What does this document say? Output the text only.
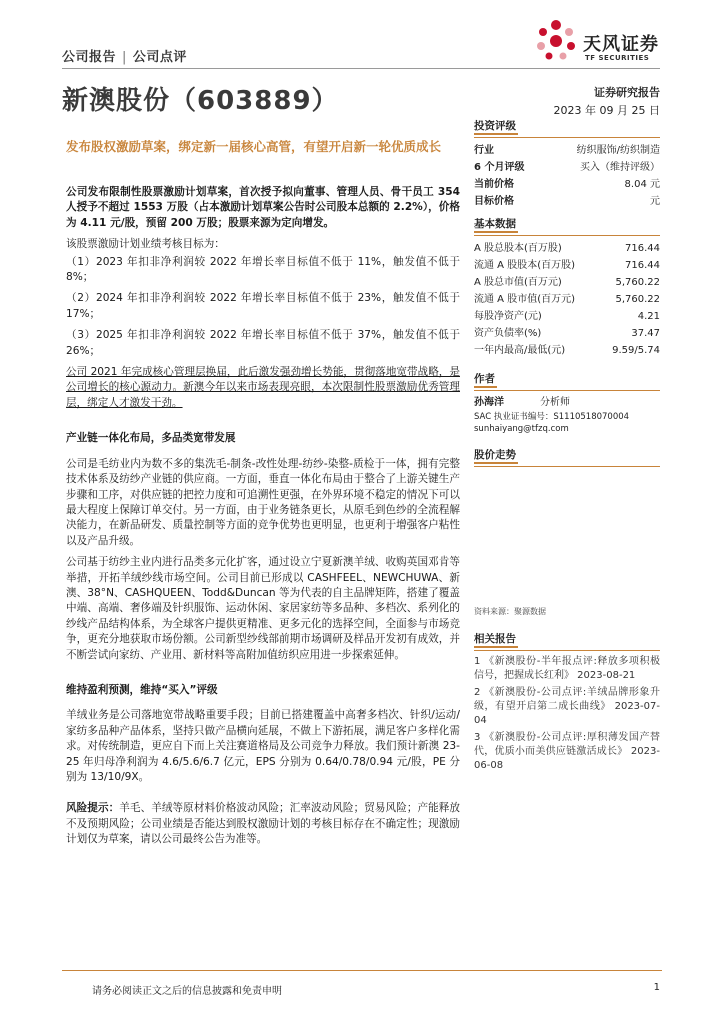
公司报告 | 公司点评
天风证券
TF SECURITIES
新澳股份（603889）	证券研究报告
2023 年 09 月 25 日
发布股权激励草案，绑定新一届核心高管，有望开启新一轮优质成长

公司发布限制性股票激励计划草案，首次授予拟向董事、管理人员、骨干员工 354 人授予不超过 1553 万股（占本激励计划草案公告时公司股本总额的 2.2%），价格为 4.11 元/股，预留 200 万股；股票来源为定向增发。

该股票激励计划业绩考核目标为：

（1）2023 年扣非净利润较 2022 年增长率目标值不低于 11%，触发值不低于 8%；

（2）2024 年扣非净利润较 2022 年增长率目标值不低于 23%，触发值不低于 17%；

（3）2025 年扣非净利润较 2022 年增长率目标值不低于 37%，触发值不低于 26%；

公司 2021 年完成核心管理层换届，此后激发强劲增长势能，贯彻落地宽带战略，是公司增长的核心源动力。新澳今年以来市场表现亮眼，本次限制性股票激励优秀管理层，绑定人才激发干劲。

产业链一体化布局，多品类宽带发展

公司是毛纺业内为数不多的集洗毛-制条-改性处理-纺纱-染整-质检于一体，拥有完整技术体系及纺纱产业链的供应商。一方面，垂直一体化布局由于整合了上游关键生产步骤和工序，对供应链的把控力度和可追溯性更强，在外界环境不稳定的情况下可以最大程度上保障订单交付。另一方面，由于业务链条更长，从原毛到色纱的全流程解决能力，在新品研发、质量控制等方面的竞争优势也更明显，也更利于增强客户粘性以及产品升级。

公司基于纺纱主业内进行品类多元化扩客，通过设立宁夏新澳羊绒、收购英国邓肯等举措，开拓羊绒纱线市场空间。公司目前已形成以 CASHFEEL、NEWCHUWA、新澳、38°N、CASHQUEEN、Todd&Duncan 等为代表的自主品牌矩阵，搭建了覆盖中端、高端、奢侈端及针织服饰、运动休闲、家居家纺等多品种、多档次、系列化的纱线产品结构体系，为全球客户提供更精准、更多元化的选择空间，全面参与市场竞争，更充分地获取市场份额。公司新型纱线部前期市场调研及样品开发初有成效，并不断尝试向家纺、产业用、新材料等高附加值纺织应用进一步探索延伸。

维持盈利预测，维持“买入”评级

羊绒业务是公司落地宽带战略重要手段；目前已搭建覆盖中高奢多档次、针织/运动/家纺多品种产品体系，坚持只做产品横向延展，不做上下游拓展，满足客户多样化需求。对传统制造，更应自下而上关注赛道格局及公司竞争力释放。我们预计新澳 23-25 年归母净利润为 4.6/5.6/6.7 亿元，EPS 分别为 0.64/0.78/0.94 元/股，PE 分别为 13/10/9X。

风险提示：羊毛、羊绒等原材料价格波动风险；汇率波动风险；贸易风险；产能释放不及预期风险；公司业绩是否能达到股权激励计划的考核目标存在不确定性；现激励计划仅为草案，请以公司最终公告为准等。

投资评级
行业	纺织服饰/纺织制造
6 个月评级	买入（维持评级）
当前价格	8.04 元
目标价格	元
基本数据
A 股总股本(百万股)	716.44
流通 A 股股本(百万股)	716.44
A 股总市值(百万元)	5,760.22
流通 A 股市值(百万元)	5,760.22
每股净资产(元)	4.21
资产负债率(%)	37.47
一年内最高/最低(元)	9.59/5.74
作者
孙海洋	分析师
SAC 执业证书编号：S1110518070004
sunhaiyang@tfzq.com
股价走势
资料来源：聚源数据
相关报告
1 《新澳股份-半年报点评:释放多项积极信号，把握成长红利》 2023-08-21
2 《新澳股份-公司点评:羊绒品牌形象升级，有望开启第二成长曲线》 2023-07-04
3 《新澳股份-公司点评:厚积薄发国产替代，优质小而美供应链激活成长》 2023-06-08
请务必阅读正文之后的信息披露和免责申明	1
